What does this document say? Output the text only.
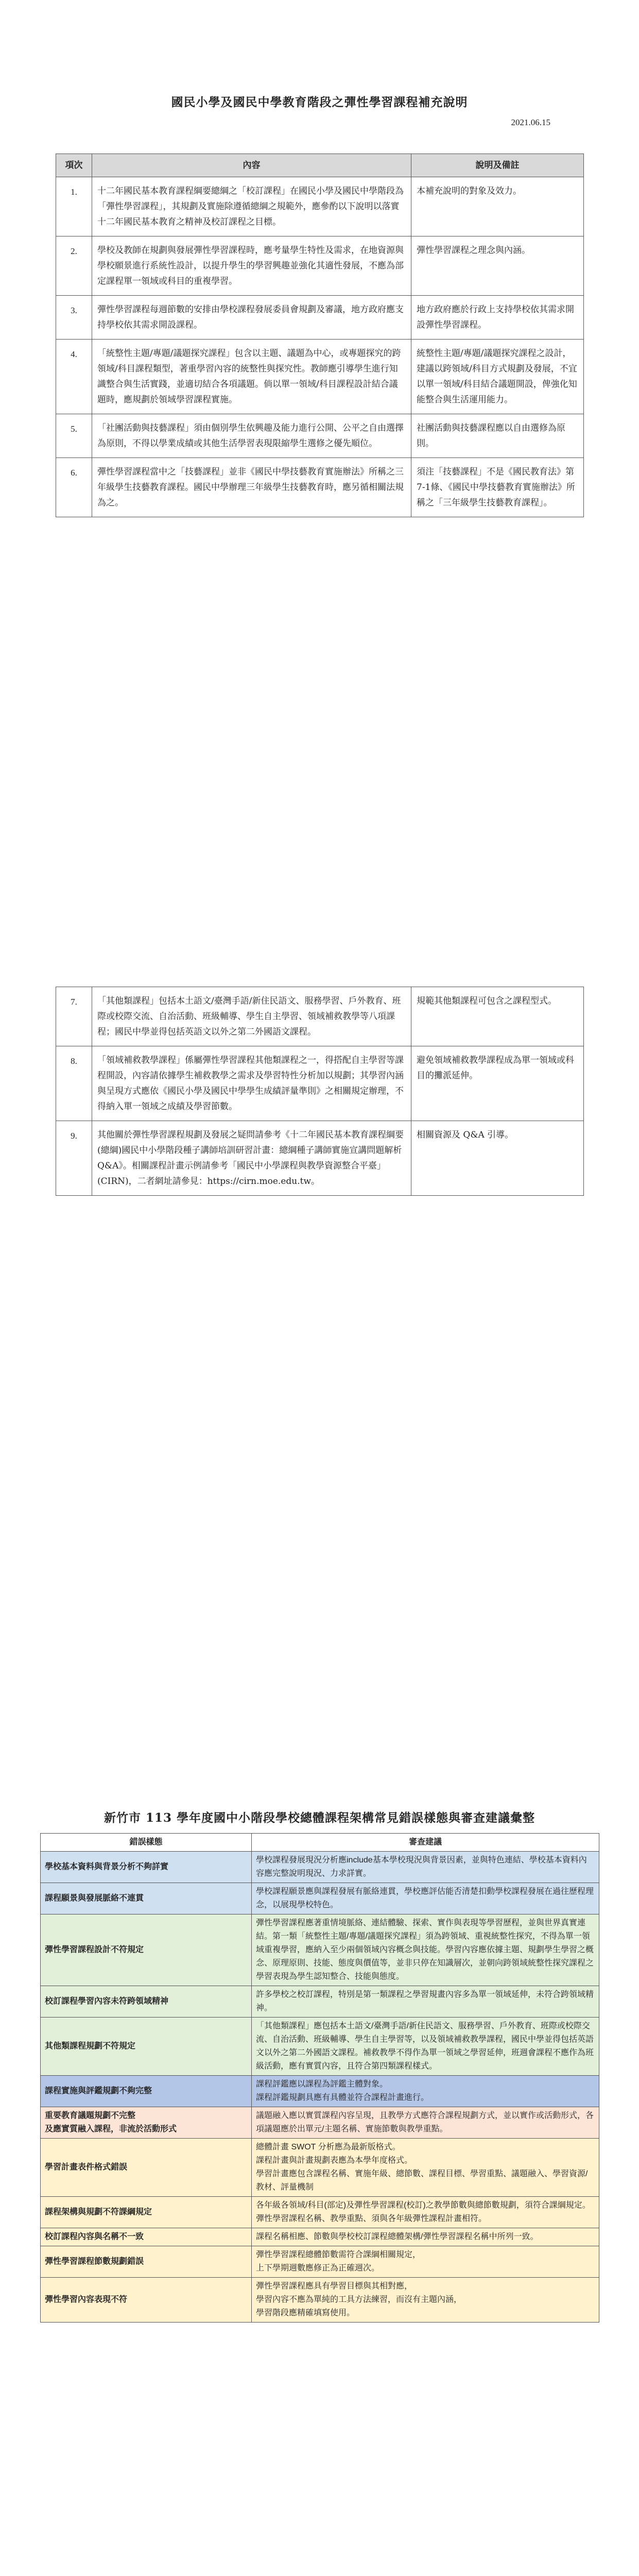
國民小學及國民中學教育階段之彈性學習課程補充說明
2021.06.15
項次	內容	說明及備註
1.	十二年國民基本教育課程綱要總綱之「校訂課程」在國民小學及國民中學階段為「彈性學習課程」，其規劃及實施除遵循總綱之規範外，應參酌以下說明以落實十二年國民基本教育之精神及校訂課程之目標。	本補充說明的對象及效力。
2.	學校及教師在規劃與發展彈性學習課程時，應考量學生特性及需求，在地資源與學校願景進行系統性設計，以提升學生的學習興趣並強化其適性發展，不應為部定課程單一領域或科目的重複學習。	彈性學習課程之理念與內涵。
3.	彈性學習課程每週節數的安排由學校課程發展委員會規劃及審議，地方政府應支持學校依其需求開設課程。	地方政府應於行政上支持學校依其需求開設彈性學習課程。
4.	「統整性主題/專題/議題探究課程」包含以主題、議題為中心，或專題探究的跨領域/科目課程類型，著重學習內容的統整性與探究性。教師應引導學生進行知識整合與生活實踐，並適切結合各項議題。倘以單一領域/科目課程設計結合議題時，應規劃於領域學習課程實施。	統整性主題/專題/議題探究課程之設計，建議以跨領域/科目方式規劃及發展，不宜以單一領域/科目結合議題開設，俾強化知能整合與生活運用能力。
5.	「社團活動與技藝課程」須由個別學生依興趣及能力進行公開、公平之自由選擇為原則，不得以學業成績或其他生活學習表現限縮學生選修之優先順位。	社團活動與技藝課程應以自由選修為原則。
6.	彈性學習課程當中之「技藝課程」並非《國民中學技藝教育實施辦法》所稱之三年級學生技藝教育課程。國民中學辦理三年級學生技藝教育時，應另循相關法規為之。	須注「技藝課程」不是《國民教育法》第7-1條、《國民中學技藝教育實施辦法》所稱之「三年級學生技藝教育課程」。
7.	「其他類課程」包括本土語文/臺灣手語/新住民語文、服務學習、戶外教育、班際或校際交流、自治活動、班級輔導、學生自主學習、領域補救教學等八項課程；國民中學並得包括英語文以外之第二外國語文課程。	規範其他類課程可包含之課程型式。
8.	「領域補救教學課程」係屬彈性學習課程其他類課程之一，得搭配自主學習等課程開設，內容請依據學生補救教學之需求及學習特性分析加以規劃；其學習內涵與呈現方式應依《國民小學及國民中學學生成績評量準則》之相關規定辦理，不得納入單一領域之成績及學習節數。	避免領域補救教學課程成為單一領域或科目的攤派延伸。
9.	其他關於彈性學習課程規劃及發展之疑問請參考《十二年國民基本教育課程綱要(總綱)國民中小學階段種子講師培訓研習計畫：總綱種子講師實施宣講問題解析 Q&A》。相關課程計畫示例請參考「國民中小學課程與教學資源整合平臺」(CIRN)，二者網址請參見：https://cirn.moe.edu.tw。	相關資源及 Q&A 引導。
新竹市 113 學年度國中小階段學校總體課程架構常見錯誤樣態與審查建議彙整
錯誤樣態	審查建議
學校基本資料與背景分析不夠詳實	學校課程發展現況分析應include基本學校現況與背景因素，並與特色連結、學校基本資料內容應完整說明現況、力求詳實。
課程願景與發展脈絡不連貫	學校課程願景應與課程發展有脈絡連貫，學校應評估能否清楚扣動學校課程發展在過往歷程理念，以展現學校特色。
彈性學習課程設計不符規定	彈性學習課程應著重情境脈絡、連結體驗、探索、實作與表現等學習歷程，並與世界真實連結。第一類「統整性主題/專題/議題探究課程」須為跨領域、重視統整性探究，不得為單一領域重複學習，應納入至少兩個領域內容概念與技能。學習內容應依據主題、規劃學生學習之概念、原理原則、技能、態度與價值等，並非只停在知識層次，並朝向跨領域統整性探究課程之學習表現為學生認知整合、技能與態度。
校訂課程學習內容未符跨領域精神	許多學校之校訂課程，特別是第一類課程之學習規畫內容多為單一領域延伸，未符合跨領域精神。
其他類課程規劃不符規定	「其他類課程」應包括本土語文/臺灣手語/新住民語文、服務學習、戶外教育、班際或校際交流、自治活動、班級輔導、學生自主學習等，以及領域補救教學課程，國民中學並得包括英語文以外之第二外國語文課程。補救教學不得作為單一領域之學習延伸，班週會課程不應作為班級活動，應有實質內容，且符合第四類課程樣式。
課程實施與評鑑規劃不夠完整	課程評鑑應以課程為評鑑主體對象。
課程評鑑規劃具應有具體並符合課程計畫進行。
重要教育議題規劃不完整
及應實質融入課程，非流於活動形式	議題融入應以實質課程內容呈現，且教學方式應符合課程規劃方式，並以實作或活動形式，各項議題應於出單元/主題名稱、實施節數與教學重點。
學習計畫表件格式錯誤	總體計畫 SWOT 分析應為最新版格式。
課程計畫與計畫規劃表應為本學年度格式。
學習計畫應包含課程名稱、實施年級、總節數、課程目標、學習重點、議題融入、學習資源/教材、評量機制
課程架構與規劃不符課綱規定	各年級各領域/科目(部定)及彈性學習課程(校訂)之教學節數與總節數規劃，須符合課綱規定。彈性學習課程名稱、教學重點、須與各年級彈性課程計畫相符。
校訂課程內容與名稱不一致	課程名稱相應、節數與學校校訂課程總體架構/彈性學習課程名稱中所列一致。
彈性學習課程節數規劃錯誤	彈性學習課程總體節數需符合課綱相關規定，
上下學期週數應修正為正確週次。
彈性學習內容表現不符	彈性學習課程應具有學習目標與其相對應，
學習內容不應為單純的工具方法練習，而沒有主題內涵，
學習階段應精確填寫使用。
